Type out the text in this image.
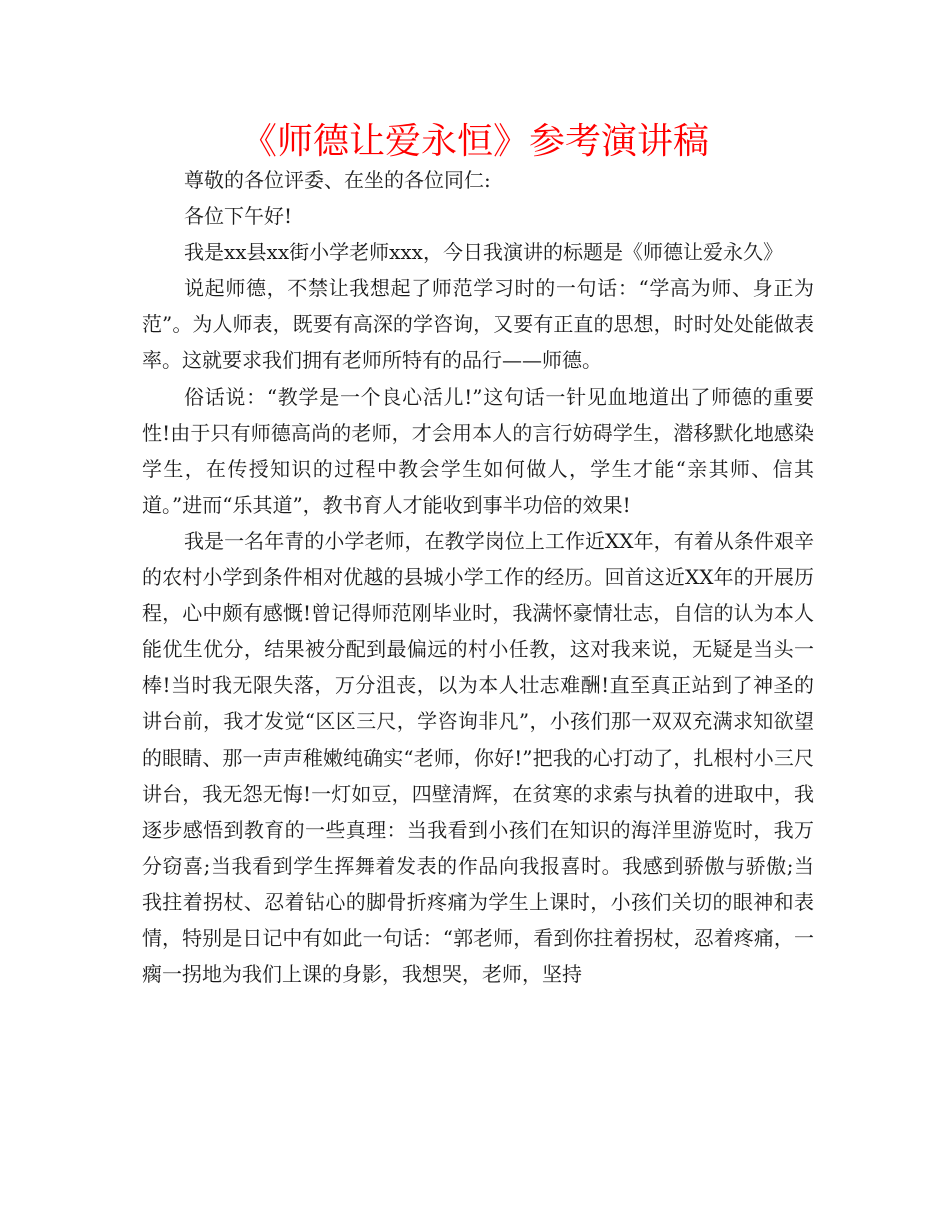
《师德让爱永恒》参考演讲稿

尊敬的各位评委、在坐的各位同仁:

各位下午好!

我是xx县xx街小学老师xxx，今日我演讲的标题是《师德让爱永久》

说起师德，不禁让我想起了师范学习时的一句话：“学高为师、身正为范”。为人师表，既要有高深的学咨询，又要有正直的思想，时时处处能做表率。这就要求我们拥有老师所特有的品行——师德。

俗话说：“教学是一个良心活儿!”这句话一针见血地道出了师德的重要性!由于只有师德高尚的老师，才会用本人的言行妨碍学生，潜移默化地感染学生，在传授知识的过程中教会学生如何做人，学生才能“亲其师、信其道。”进而“乐其道”，教书育人才能收到事半功倍的效果!

我是一名年青的小学老师，在教学岗位上工作近XX年，有着从条件艰辛的农村小学到条件相对优越的县城小学工作的经历。回首这近XX年的开展历程，心中颇有感慨!曾记得师范刚毕业时，我满怀豪情壮志，自信的认为本人能优生优分，结果被分配到最偏远的村小任教，这对我来说，无疑是当头一棒!当时我无限失落，万分沮丧，以为本人壮志难酬!直至真正站到了神圣的讲台前，我才发觉“区区三尺，学咨询非凡”，小孩们那一双双充满求知欲望的眼睛、那一声声稚嫩纯确实“老师，你好!”把我的心打动了，扎根村小三尺讲台，我无怨无悔!一灯如豆，四壁清辉，在贫寒的求索与执着的进取中，我逐步感悟到教育的一些真理：当我看到小孩们在知识的海洋里游览时，我万分窃喜;当我看到学生挥舞着发表的作品向我报喜时。我感到骄傲与骄傲;当我拄着拐杖、忍着钻心的脚骨折疼痛为学生上课时，小孩们关切的眼神和表情，特别是日记中有如此一句话：“郭老师，看到你拄着拐杖，忍着疼痛，一瘸一拐地为我们上课的身影，我想哭，老师，坚持
